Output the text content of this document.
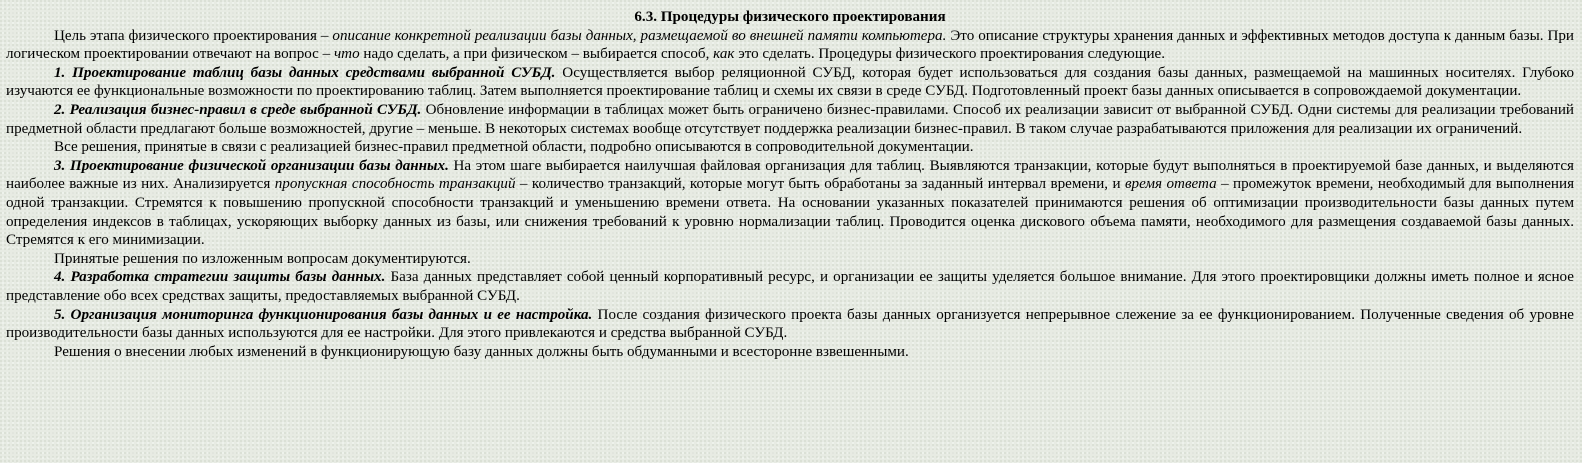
6.3. Процедуры физического проектирования

Цель этапа физического проектирования – описание конкретной реализации базы данных, размещаемой во внешней памяти компьютера. Это описание структуры хранения данных и эффективных методов доступа к данным базы. При логическом проектировании отвечают на вопрос – что надо сделать, а при физическом – выбирается способ, как это сделать. Процедуры физического проектирования следующие.

1. Проектирование таблиц базы данных средствами выбранной СУБД. Осуществляется выбор реляционной СУБД, которая будет использоваться для создания базы данных, размещаемой на машинных носителях. Глубоко изучаются ее функциональные возможности по проектированию таблиц. Затем выполняется проектирование таблиц и схемы их связи в среде СУБД. Подготовленный проект базы данных описывается в сопровождаемой документации.

2. Реализация бизнес-правил в среде выбранной СУБД. Обновление информации в таблицах может быть ограничено бизнес-правилами. Способ их реализации зависит от выбранной СУБД. Одни системы для реализации требований предметной области предлагают больше возможностей, другие – меньше. В некоторых системах вообще отсутствует поддержка реализации бизнес-правил. В таком случае разрабатываются приложения для реализации их ограничений.

Все решения, принятые в связи с реализацией бизнес-правил предметной области, подробно описываются в сопроводительной документации.

3. Проектирование физической организации базы данных. На этом шаге выбирается наилучшая файловая организация для таблиц. Выявляются транзакции, которые будут выполняться в проектируемой базе данных, и выделяются наиболее важные из них. Анализируется пропускная способность транзакций – количество транзакций, которые могут быть обработаны за заданный интервал времени, и время ответа – промежуток времени, необходимый для выполнения одной транзакции. Стремятся к повышению пропускной способности транзакций и уменьшению времени ответа. На основании указанных показателей принимаются решения об оптимизации производительности базы данных путем определения индексов в таблицах, ускоряющих выборку данных из базы, или снижения требований к уровню нормализации таблиц. Проводится оценка дискового объема памяти, необходимого для размещения создаваемой базы данных. Стремятся к его минимизации.

Принятые решения по изложенным вопросам документируются.

4. Разработка стратегии защиты базы данных. База данных представляет собой ценный корпоративный ресурс, и организации ее защиты уделяется большое внимание. Для этого проектировщики должны иметь полное и ясное представление обо всех средствах защиты, предоставляемых выбранной СУБД.

5. Организация мониторинга функционирования базы данных и ее настройка. После создания физического проекта базы данных организуется непрерывное слежение за ее функционированием. Полученные сведения об уровне производительности базы данных используются для ее настройки. Для этого привлекаются и средства выбранной СУБД.

Решения о внесении любых изменений в функционирующую базу данных должны быть обдуманными и всесторонне взвешенными.
